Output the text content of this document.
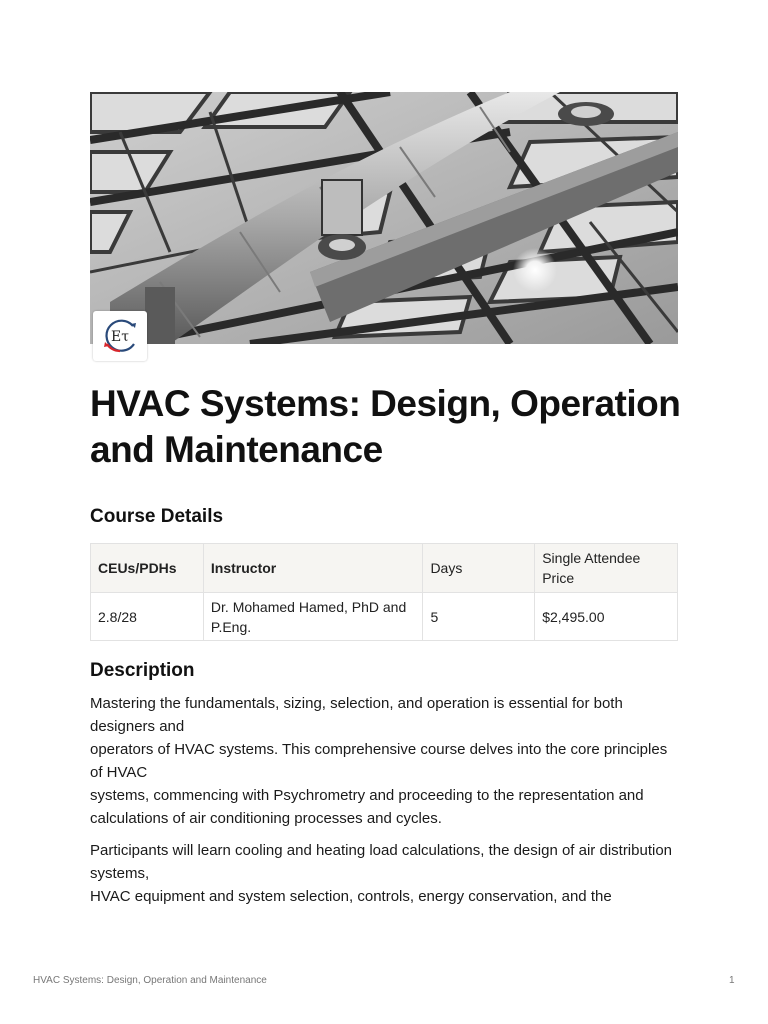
Eτ
HVAC Systems: Design, Operation and Maintenance
Course Details
CEUs/PDHs	Instructor	Days	Single Attendee Price
2.8/28	Dr. Mohamed Hamed, PhD and P.Eng.	5	$2,495.00
Description

Mastering the fundamentals, sizing, selection, and operation is essential for both designers and
operators of HVAC systems. This comprehensive course delves into the core principles of HVAC
systems, commencing with Psychrometry and proceeding to the representation and calculations of air conditioning processes and cycles.

Participants will learn cooling and heating load calculations, the design of air distribution systems,
HVAC equipment and system selection, controls, energy conservation, and the

HVAC Systems: Design, Operation and Maintenance	1
